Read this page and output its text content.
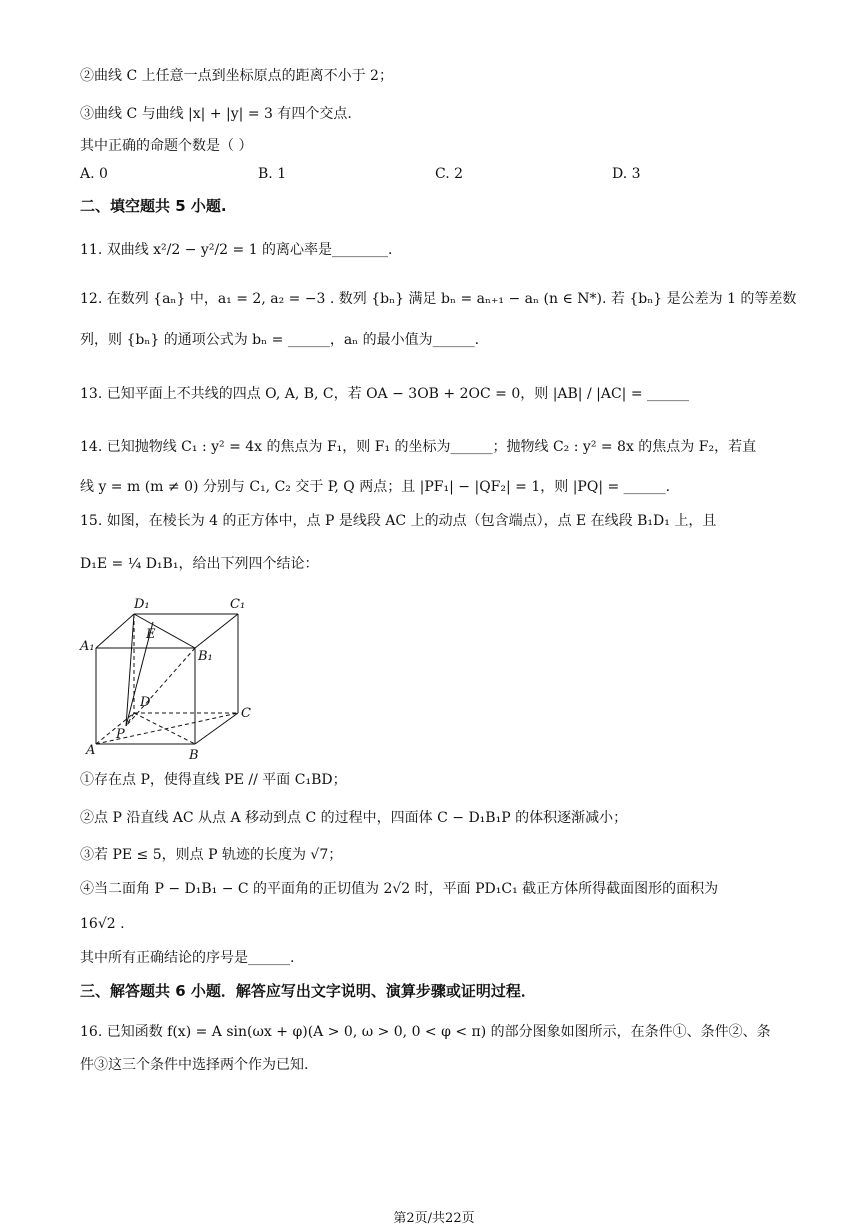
②曲线 C 上任意一点到坐标原点的距离不小于 2；
③曲线 C 与曲线 |x| + |y| = 3 有四个交点.
其中正确的命题个数是（ ）
A. 0	B. 1	C. 2	D. 3
二、填空题共 5 小题.
11. 双曲线 x²/2 − y²/2 = 1 的离心率是________.
12. 在数列 {aₙ} 中，a₁ = 2, a₂ = −3 . 数列 {bₙ} 满足 bₙ = aₙ₊₁ − aₙ (n ∈ N*). 若 {bₙ} 是公差为 1 的等差数
列，则 {bₙ} 的通项公式为 bₙ = ______，aₙ 的最小值为______.
13. 已知平面上不共线的四点 O, A, B, C，若 OA − 3OB + 2OC = 0，则 |AB| / |AC| = ______
14. 已知抛物线 C₁ : y² = 4x 的焦点为 F₁，则 F₁ 的坐标为______；抛物线 C₂ : y² = 8x 的焦点为 F₂，若直
线 y = m (m ≠ 0) 分别与 C₁, C₂ 交于 P, Q 两点；且 |PF₁| − |QF₂| = 1，则 |PQ| = ______.
15. 如图，在棱长为 4 的正方体中，点 P 是线段 AC 上的动点（包含端点），点 E 在线段 B₁D₁ 上，且
D₁E = ¼ D₁B₁，给出下列四个结论：
D₁	C₁
A₁
B₁
E
D
C
P
A	B
①存在点 P，使得直线 PE // 平面 C₁BD；
②点 P 沿直线 AC 从点 A 移动到点 C 的过程中，四面体 C − D₁B₁P 的体积逐渐减小；
③若 PE ≤ 5，则点 P 轨迹的长度为 √7；
④当二面角 P − D₁B₁ − C 的平面角的正切值为 2√2 时，平面 PD₁C₁ 截正方体所得截面图形的面积为
16√2 .
其中所有正确结论的序号是______.
三、解答题共 6 小题．解答应写出文字说明、演算步骤或证明过程．
16. 已知函数 f(x) = A sin(ωx + φ)(A > 0, ω > 0, 0 < φ < π) 的部分图象如图所示，在条件①、条件②、条
件③这三个条件中选择两个作为已知.
第2页/共22页
